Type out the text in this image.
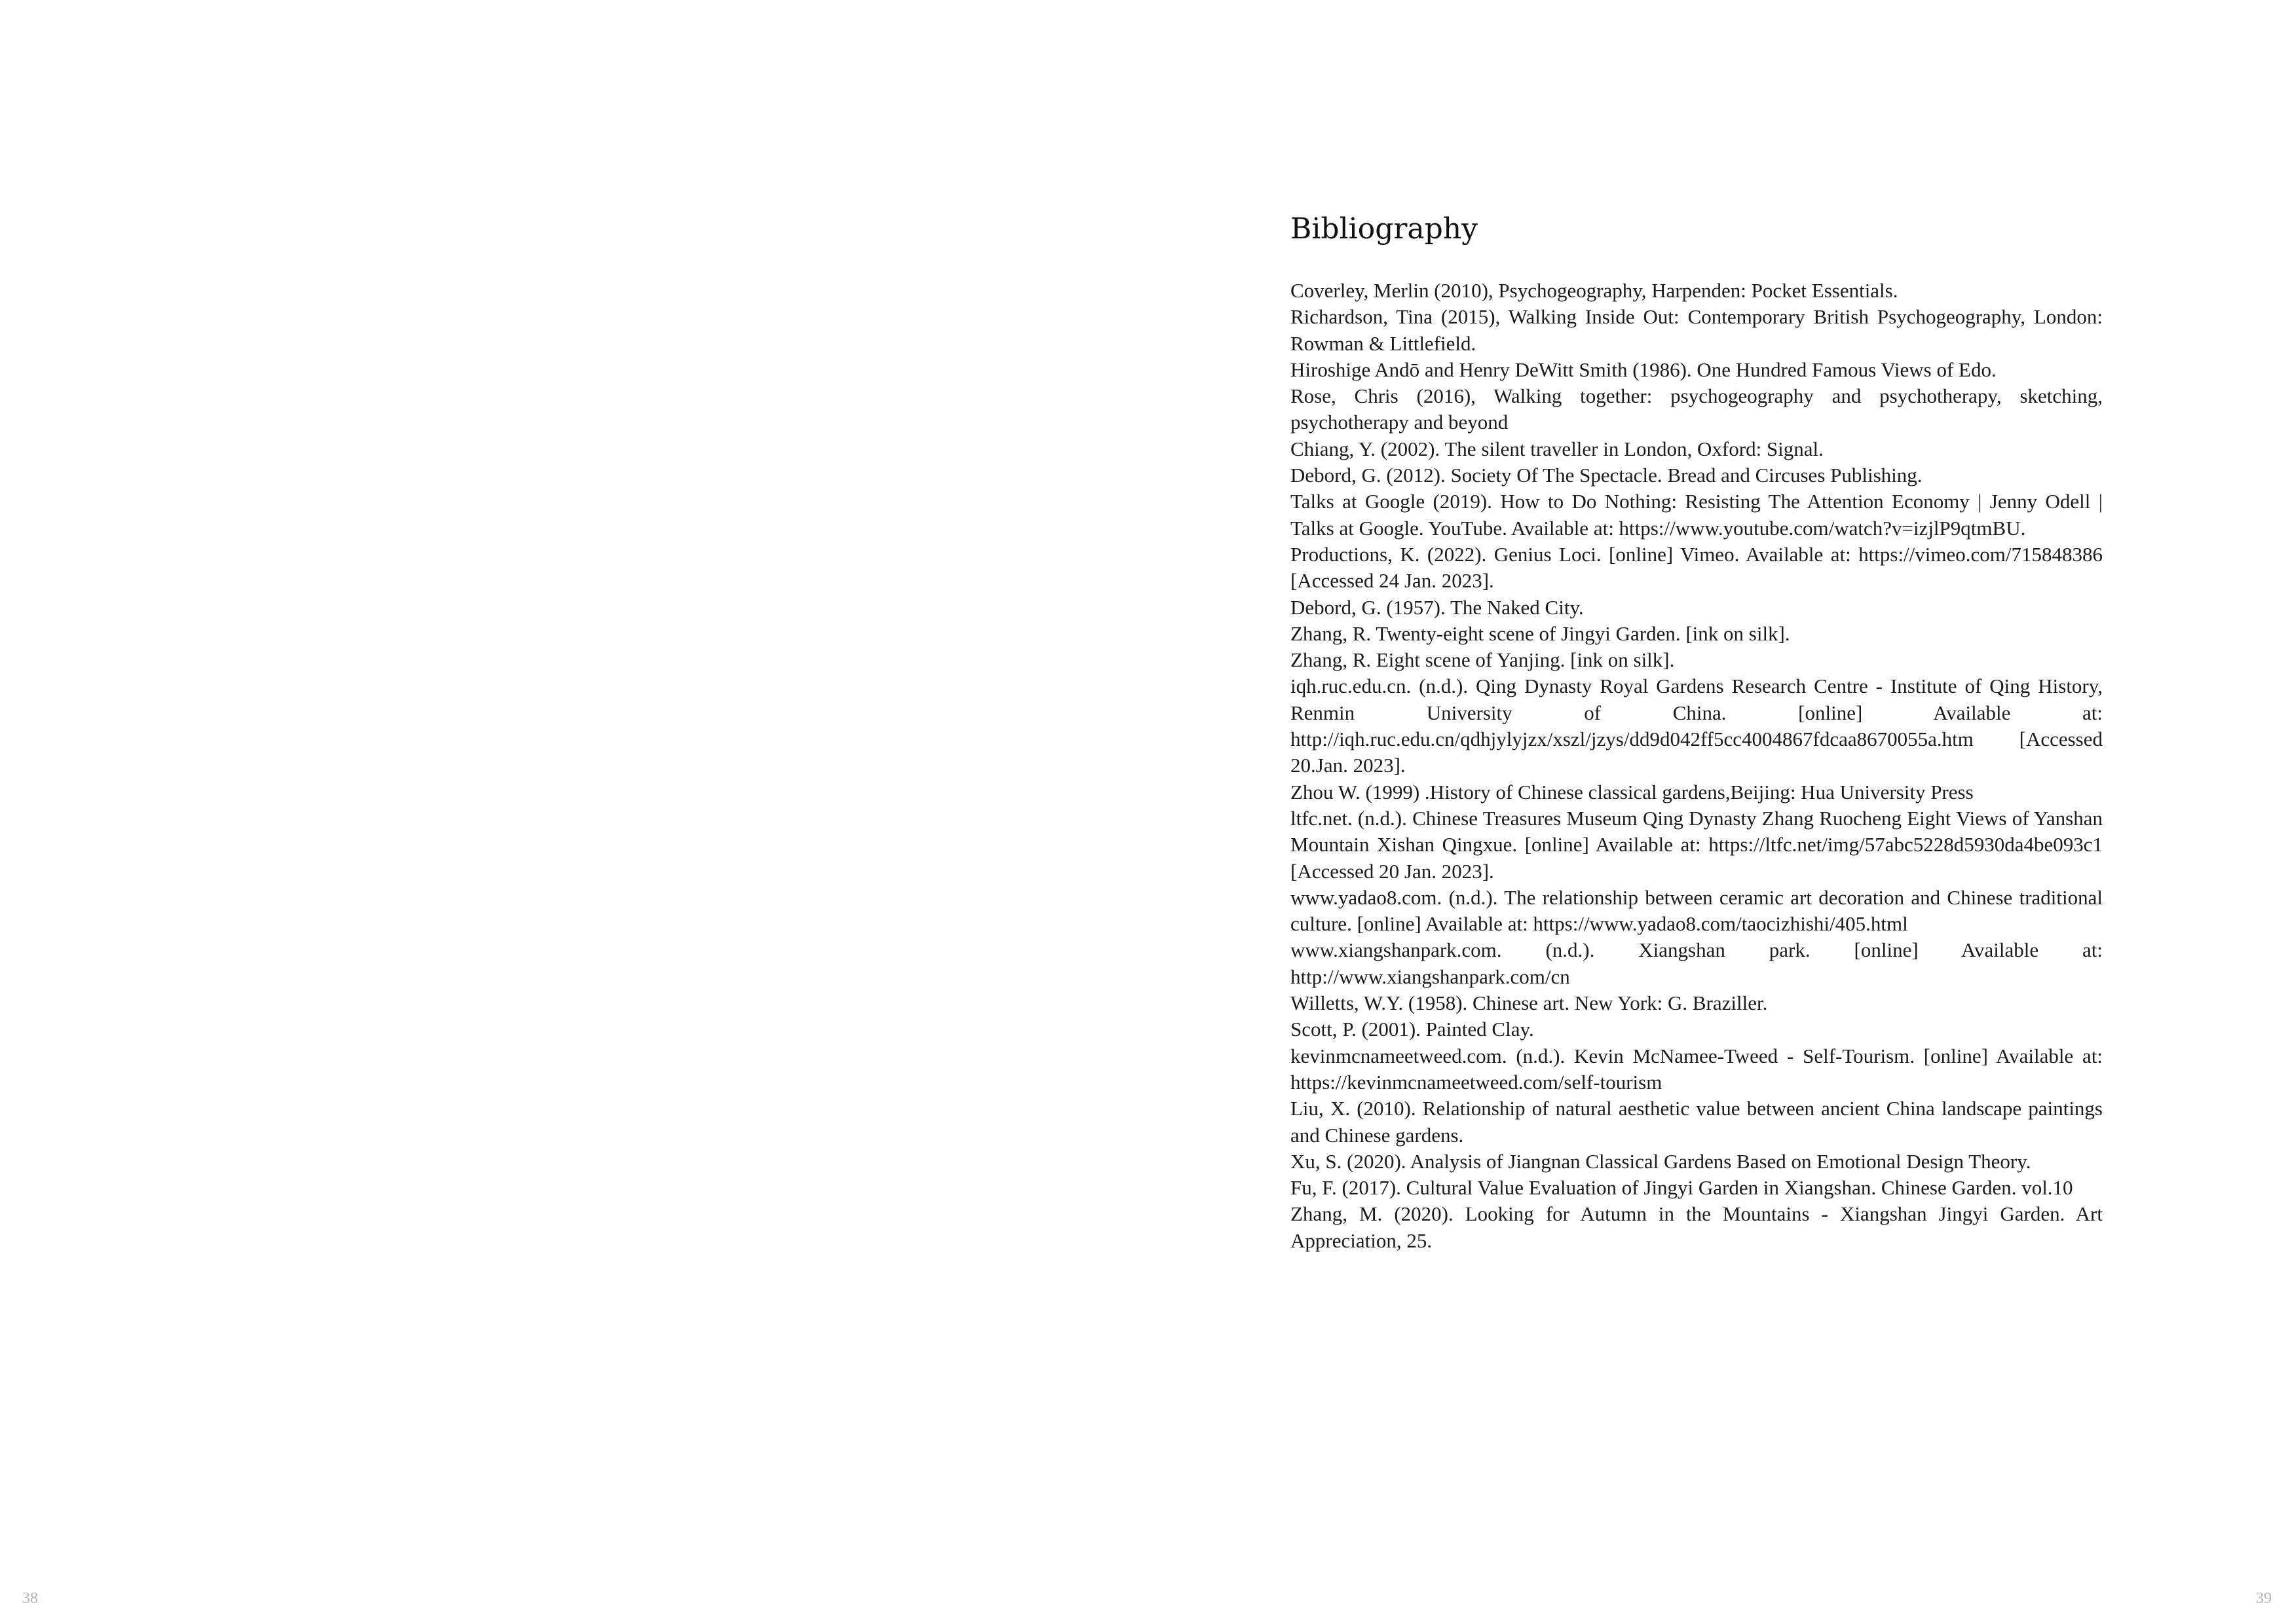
38
Bibliography
Coverley, Merlin (2010), Psychogeography, Harpenden: Pocket Essentials.
Richardson, Tina (2015), Walking Inside Out: Contemporary British Psychogeography, London: Rowman & Littlefield.
Hiroshige Andō and Henry DeWitt Smith (1986). One Hundred Famous Views of Edo.
Rose, Chris (2016), Walking together: psychogeography and psychotherapy, sketching, psychotherapy and beyond
Chiang, Y. (2002). The silent traveller in London, Oxford: Signal.
Debord, G. (2012). Society Of The Spectacle. Bread and Circuses Publishing.
Talks at Google (2019). How to Do Nothing: Resisting The Attention Economy | Jenny Odell | Talks at Google. YouTube. Available at: https://www.youtube.com/watch?v=izjlP9qtmBU.
Productions, K. (2022). Genius Loci. [online] Vimeo. Available at: https://vimeo.com/715848386 [Accessed 24 Jan. 2023].
Debord, G. (1957). The Naked City.
Zhang, R. Twenty-eight scene of Jingyi Garden. [ink on silk].
Zhang, R. Eight scene of Yanjing. [ink on silk].
iqh.ruc.edu.cn. (n.d.). Qing Dynasty Royal Gardens Research Centre - Institute of Qing History, Renmin University of China. [online] Available at: http://iqh.ruc.edu.cn/qdhjylyjzx/xszl/jzys/dd9d042ff5cc4004867fdcaa8670055a.htm [Accessed 20.Jan. 2023].
Zhou W. (1999) .History of Chinese classical gardens,Beijing: Hua University Press
ltfc.net. (n.d.). Chinese Treasures Museum Qing Dynasty Zhang Ruocheng Eight Views of Yanshan Mountain Xishan Qingxue. [online] Available at: https://ltfc.net/img/57abc5228d5930da4be093c1 [Accessed 20 Jan. 2023].
www.yadao8.com. (n.d.). The relationship between ceramic art decoration and Chinese traditional culture. [online] Available at: https://www.yadao8.com/taocizhishi/405.html
www.xiangshanpark.com. (n.d.). Xiangshan park. [online] Available at: http://www.xiangshanpark.com/cn
Willetts, W.Y. (1958). Chinese art. New York: G. Braziller.
Scott, P. (2001). Painted Clay.
kevinmcnameetweed.com. (n.d.). Kevin McNamee-Tweed - Self-Tourism. [online] Available at: https://kevinmcnameetweed.com/self-tourism
Liu, X. (2010). Relationship of natural aesthetic value between ancient China landscape paintings and Chinese gardens.
Xu, S. (2020). Analysis of Jiangnan Classical Gardens Based on Emotional Design Theory.
Fu, F. (2017). Cultural Value Evaluation of Jingyi Garden in Xiangshan. Chinese Garden. vol.10
Zhang, M. (2020). Looking for Autumn in the Mountains - Xiangshan Jingyi Garden. Art Appreciation, 25.
39
